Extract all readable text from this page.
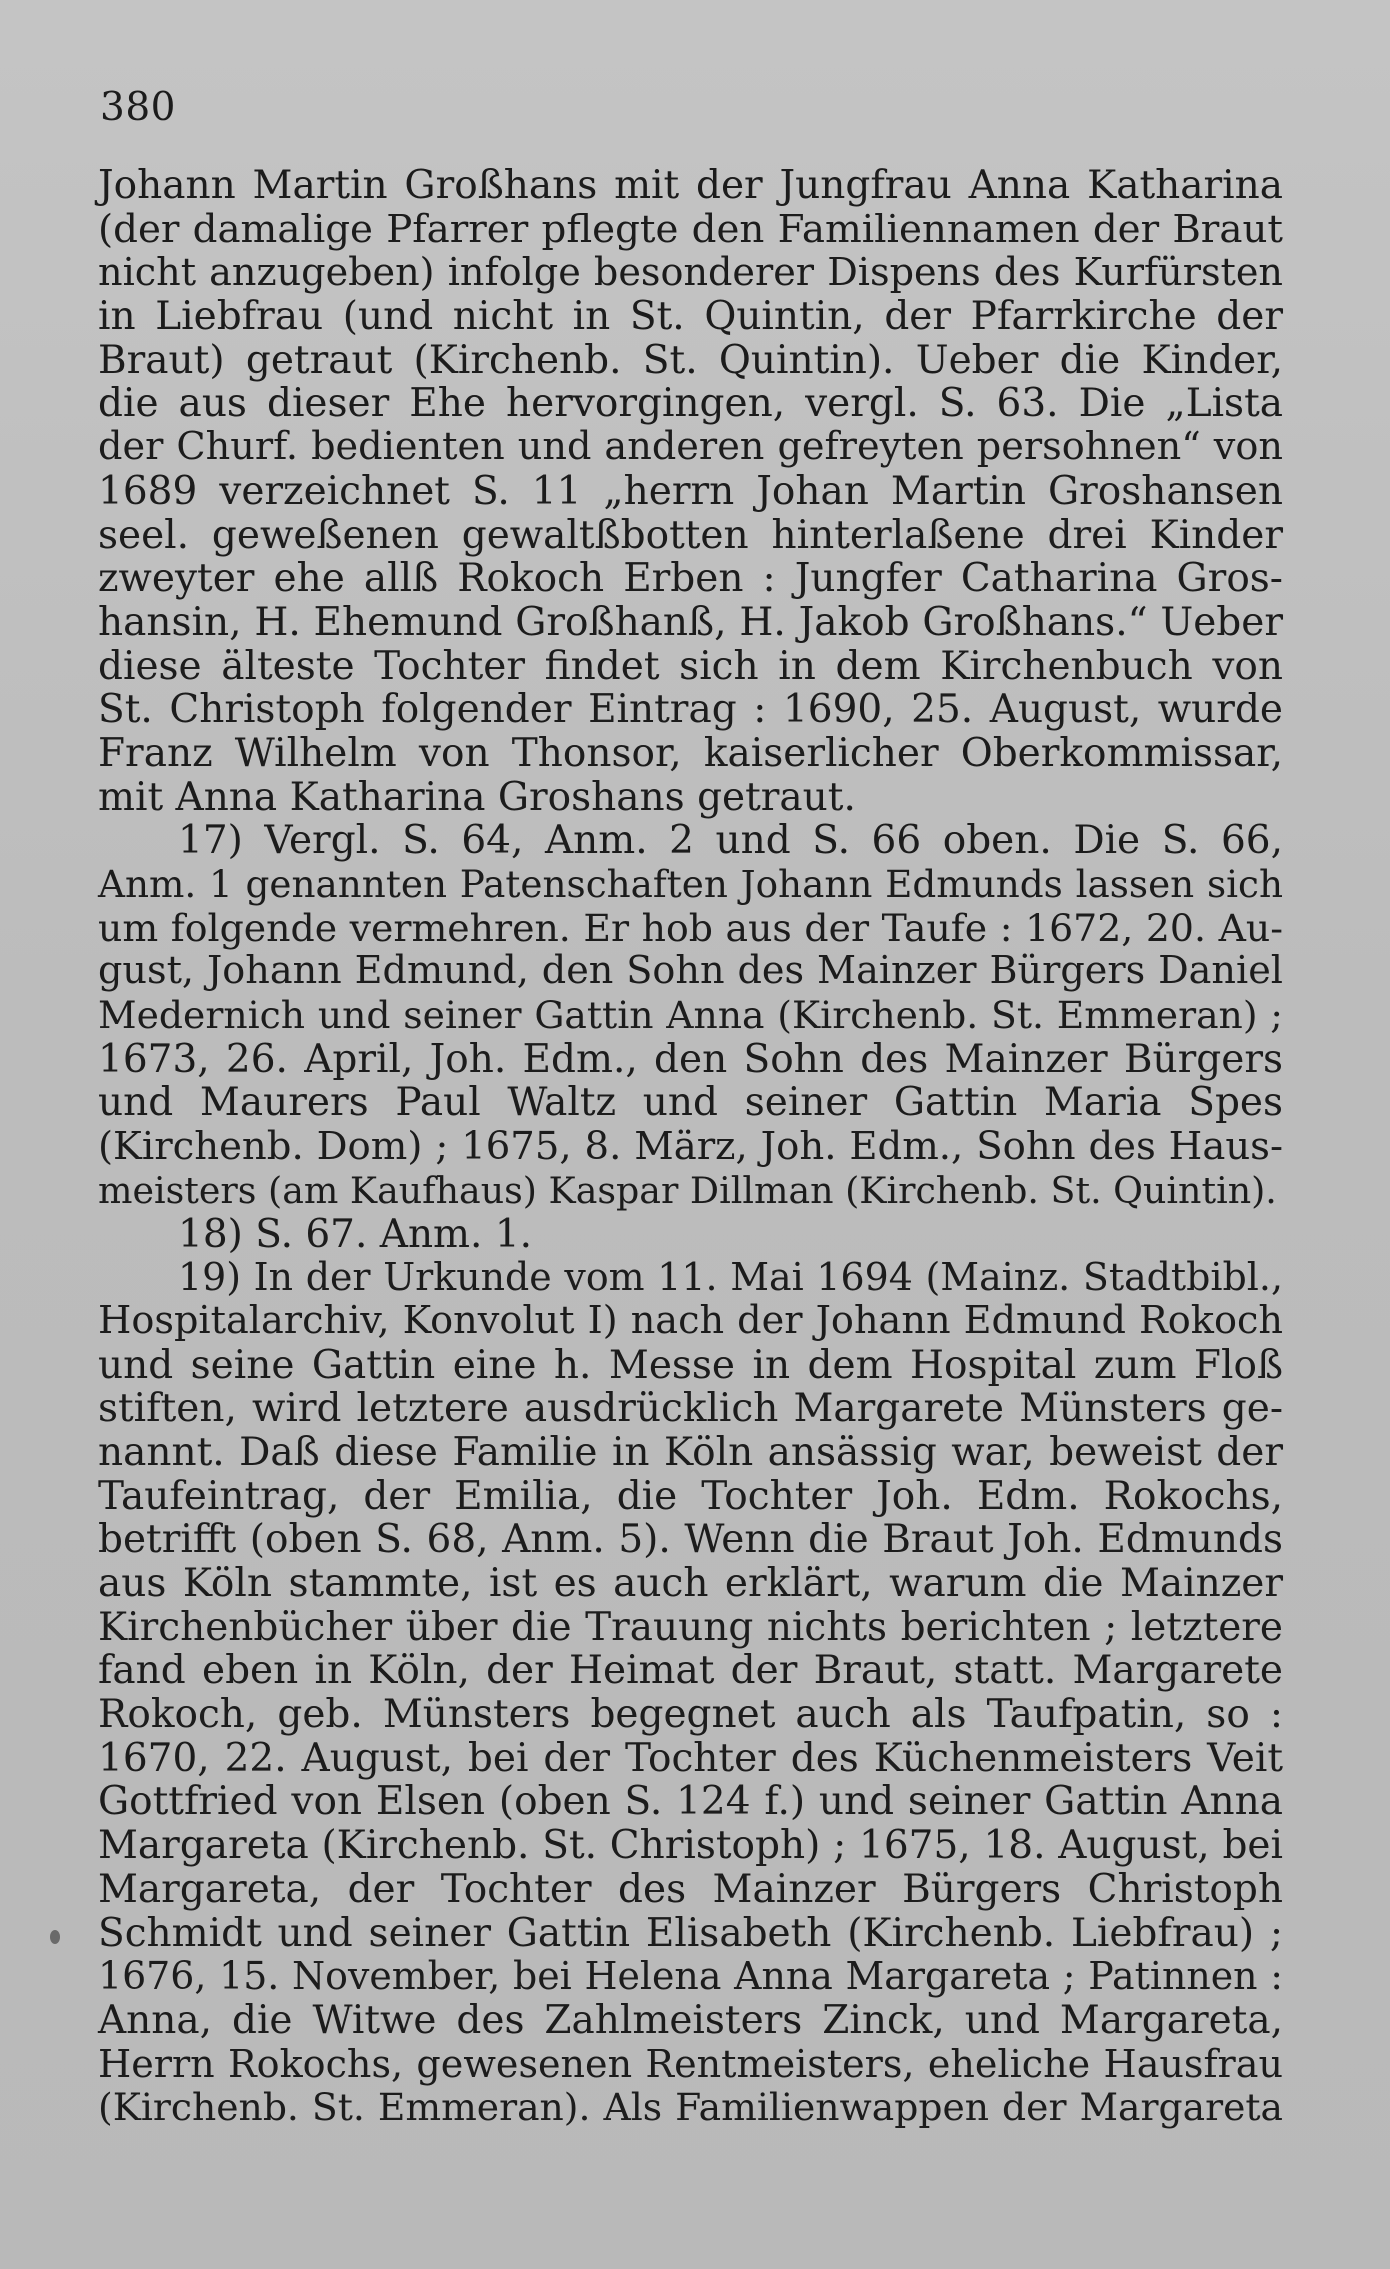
380
Johann Martin Großhans mit der Jungfrau Anna Katharina
(der damalige Pfarrer pflegte den Familiennamen der Braut
nicht anzugeben) infolge besonderer Dispens des Kurfürsten
in Liebfrau (und nicht in St. Quintin, der Pfarrkirche der
Braut) getraut (Kirchenb. St. Quintin). Ueber die Kinder,
die aus dieser Ehe hervorgingen, vergl. S. 63. Die „Lista
der Churf. bedienten und anderen gefreyten persohnen“ von
1689 verzeichnet S. 11 „herrn Johan Martin Groshansen
seel. geweßenen gewaltßbotten hinterlaßene drei Kinder
zweyter ehe allß Rokoch Erben : Jungfer Catharina Gros-
hansin, H. Ehemund Großhanß, H. Jakob Großhans.“ Ueber
diese älteste Tochter findet sich in dem Kirchenbuch von
St. Christoph folgender Eintrag : 1690, 25. August, wurde
Franz Wilhelm von Thonsor, kaiserlicher Oberkommissar,
mit Anna Katharina Groshans getraut.
17) Vergl. S. 64, Anm. 2 und S. 66 oben. Die S. 66,
Anm. 1 genannten Patenschaften Johann Edmunds lassen sich
um folgende vermehren. Er hob aus der Taufe : 1672, 20. Au-
gust, Johann Edmund, den Sohn des Mainzer Bürgers Daniel
Medernich und seiner Gattin Anna (Kirchenb. St. Emmeran) ;
1673, 26. April, Joh. Edm., den Sohn des Mainzer Bürgers
und Maurers Paul Waltz und seiner Gattin Maria Spes
(Kirchenb. Dom) ; 1675, 8. März, Joh. Edm., Sohn des Haus-
meisters (am Kaufhaus) Kaspar Dillman (Kirchenb. St. Quintin).
18) S. 67. Anm. 1.
19) In der Urkunde vom 11. Mai 1694 (Mainz. Stadtbibl.,
Hospitalarchiv, Konvolut I) nach der Johann Edmund Rokoch
und seine Gattin eine h. Messe in dem Hospital zum Floß
stiften, wird letztere ausdrücklich Margarete Münsters ge-
nannt. Daß diese Familie in Köln ansässig war, beweist der
Taufeintrag, der Emilia, die Tochter Joh. Edm. Rokochs,
betrifft (oben S. 68, Anm. 5). Wenn die Braut Joh. Edmunds
aus Köln stammte, ist es auch erklärt, warum die Mainzer
Kirchenbücher über die Trauung nichts berichten ; letztere
fand eben in Köln, der Heimat der Braut, statt. Margarete
Rokoch, geb. Münsters begegnet auch als Taufpatin, so :
1670, 22. August, bei der Tochter des Küchenmeisters Veit
Gottfried von Elsen (oben S. 124 f.) und seiner Gattin Anna
Margareta (Kirchenb. St. Christoph) ; 1675, 18. August, bei
Margareta, der Tochter des Mainzer Bürgers Christoph
Schmidt und seiner Gattin Elisabeth (Kirchenb. Liebfrau) ;
1676, 15. November, bei Helena Anna Margareta ; Patinnen :
Anna, die Witwe des Zahlmeisters Zinck, und Margareta,
Herrn Rokochs, gewesenen Rentmeisters, eheliche Hausfrau
(Kirchenb. St. Emmeran). Als Familienwappen der Margareta
